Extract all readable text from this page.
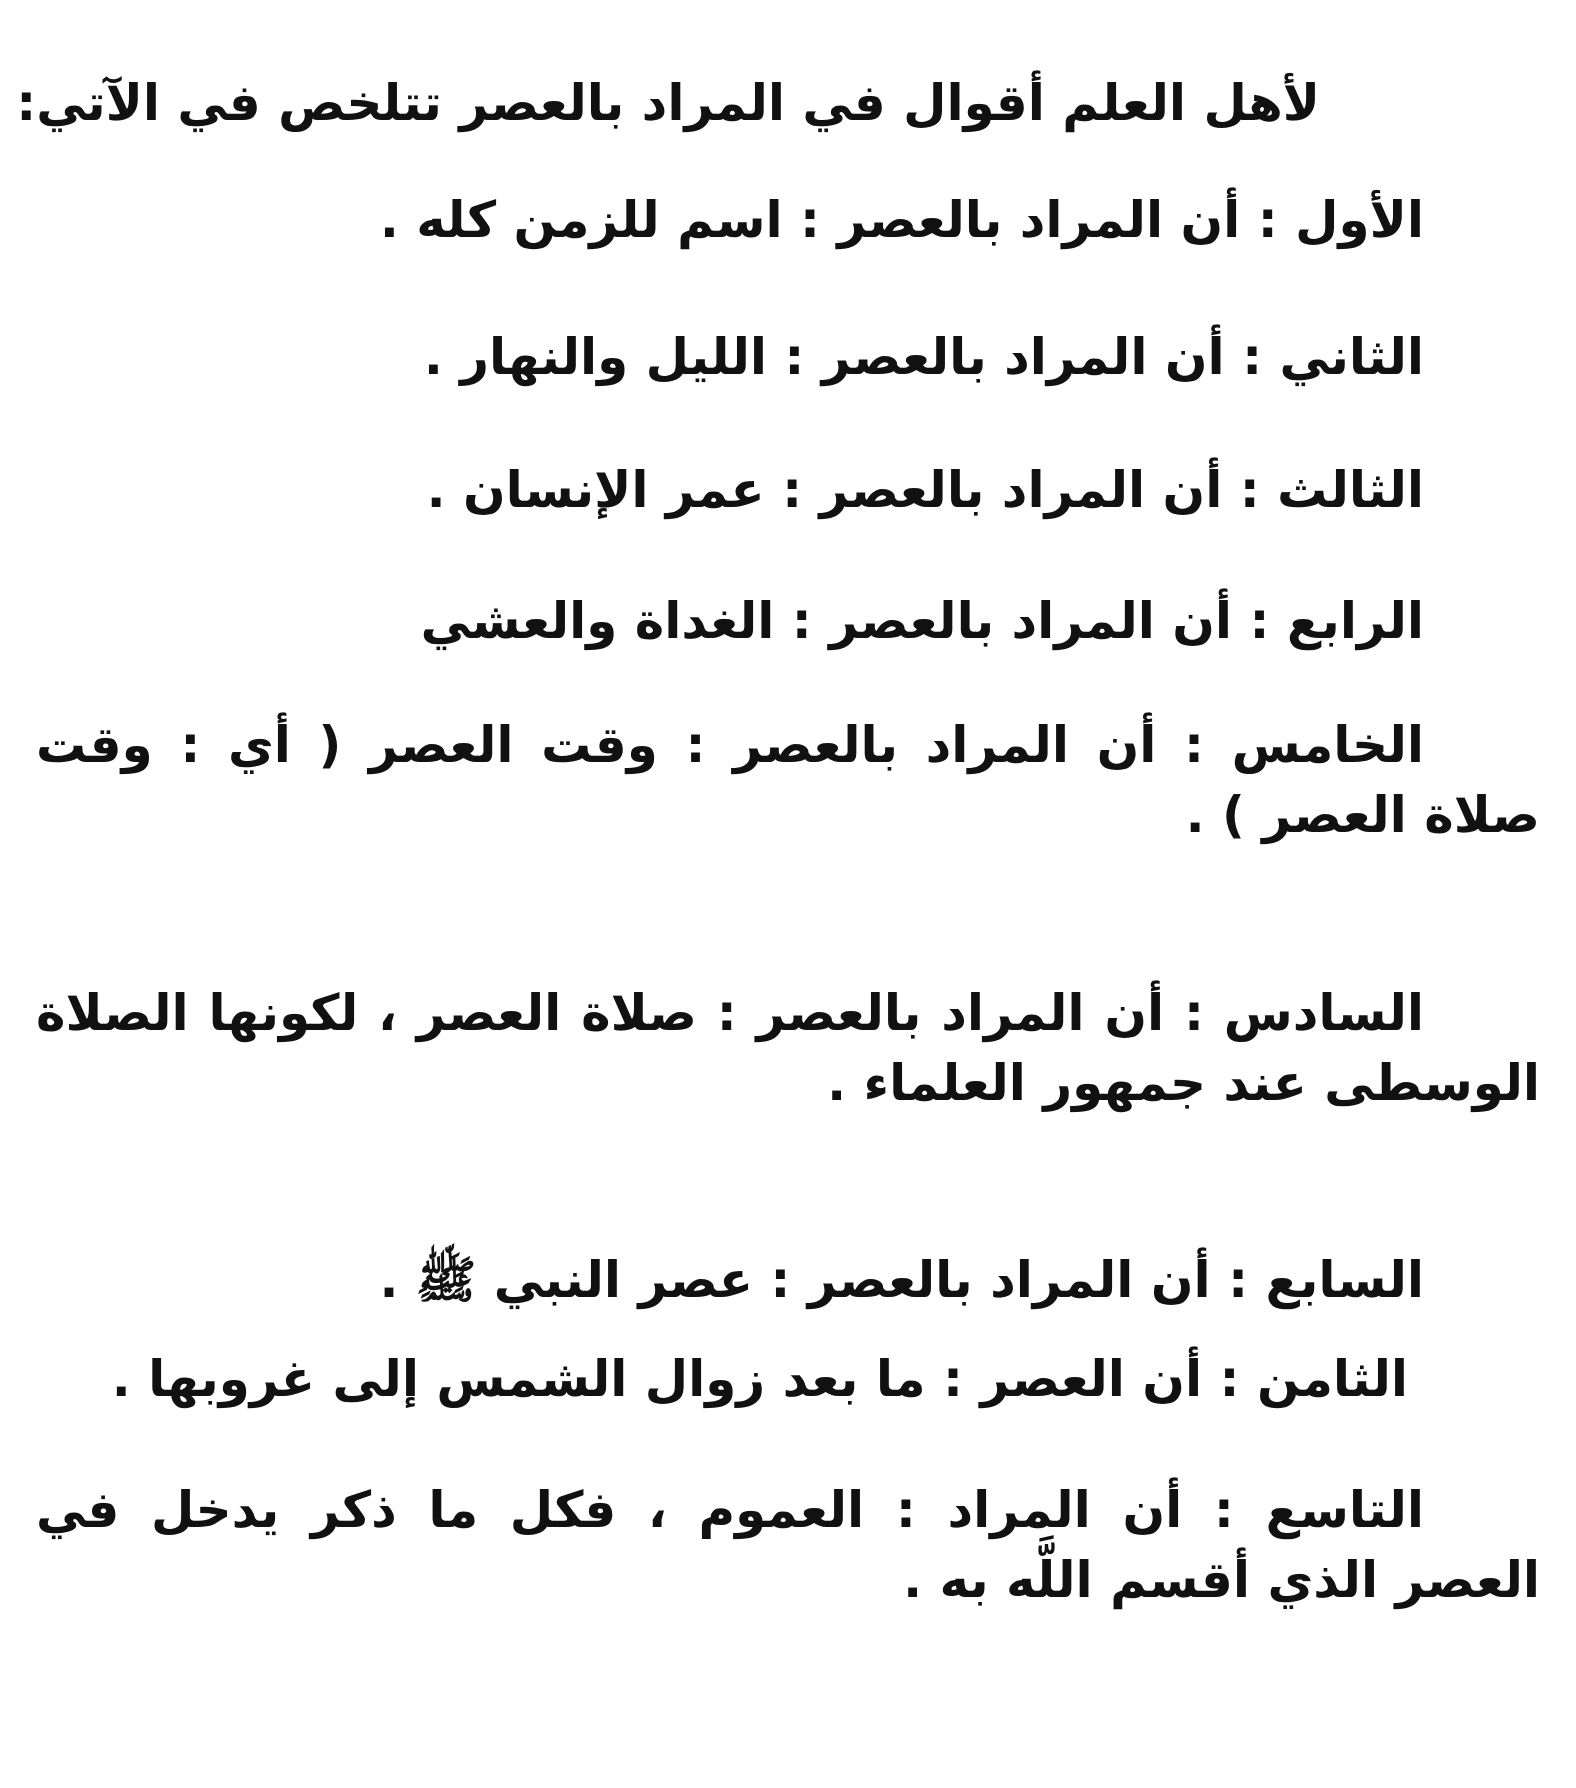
لأهل العلم أقوال في المراد بالعصر تتلخص في الآتي:
الأول : أن المراد بالعصر : اسم للزمن كله .
الثاني : أن المراد بالعصر : الليل والنهار .
الثالث : أن المراد بالعصر : عمر الإنسان .
الرابع : أن المراد بالعصر : الغداة والعشي
الخامس : أن المراد بالعصر : وقت العصر ( أي : وقت صلاة العصر ) .
السادس : أن المراد بالعصر : صلاة العصر ، لكونها الصلاة الوسطى عند جمهور العلماء .
السابع : أن المراد بالعصر : عصر النبي ﷺ .
الثامن : أن العصر : ما بعد زوال الشمس إلى غروبها .
التاسع : أن المراد : العموم ، فكل ما ذكر يدخل في العصر الذي أقسم اللَّه به .
